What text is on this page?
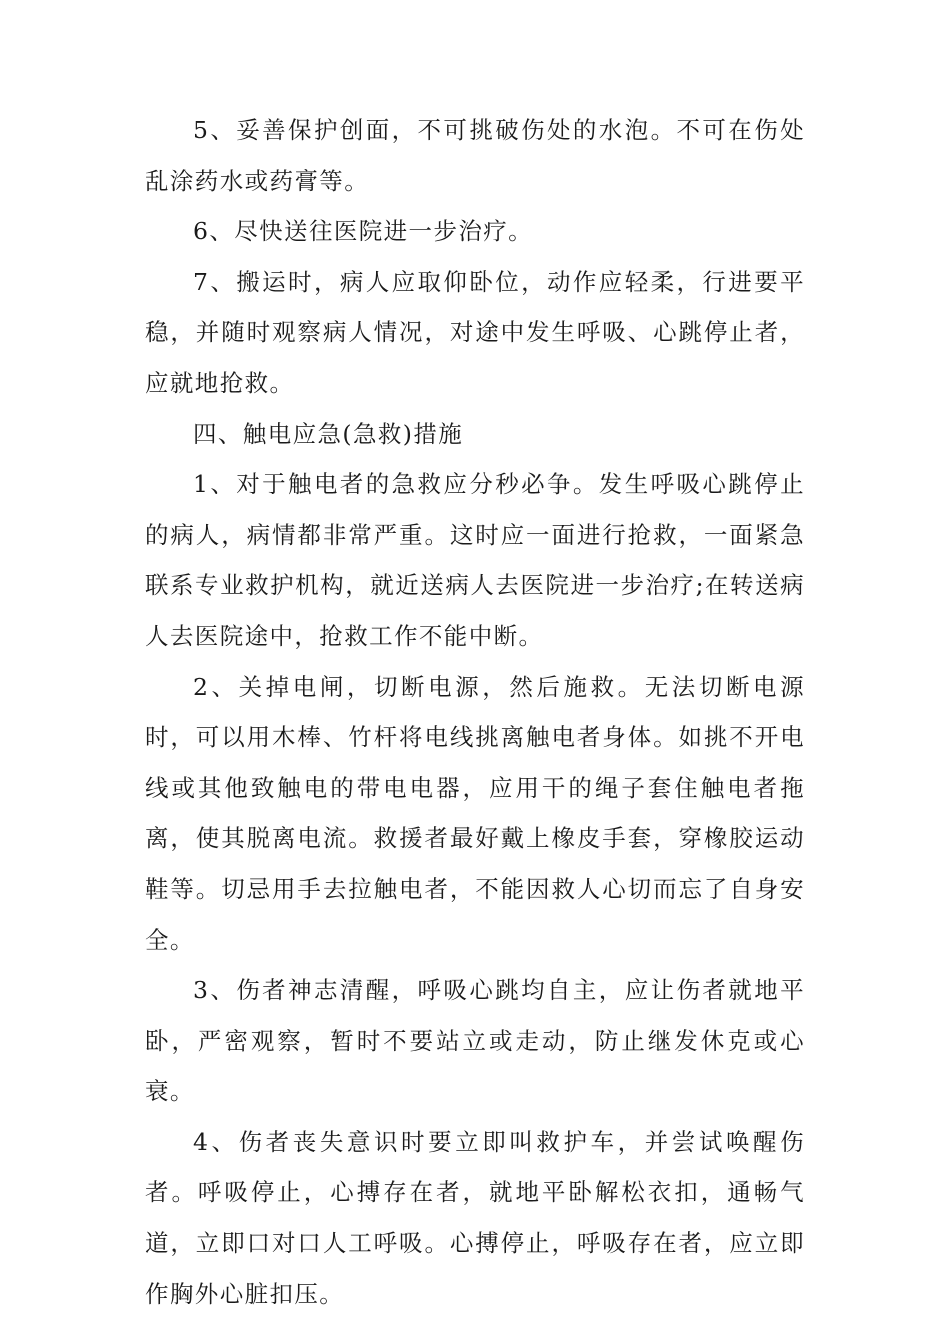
5、妥善保护创面，不可挑破伤处的水泡。不可在伤处乱涂药水或药膏等。

6、尽快送往医院进一步治疗。

7、搬运时，病人应取仰卧位，动作应轻柔，行进要平稳，并随时观察病人情况，对途中发生呼吸、心跳停止者，应就地抢救。

四、触电应急(急救)措施

1、对于触电者的急救应分秒必争。发生呼吸心跳停止的病人，病情都非常严重。这时应一面进行抢救，一面紧急联系专业救护机构，就近送病人去医院进一步治疗;在转送病人去医院途中，抢救工作不能中断。

2、关掉电闸，切断电源，然后施救。无法切断电源时，可以用木棒、竹杆将电线挑离触电者身体。如挑不开电线或其他致触电的带电电器，应用干的绳子套住触电者拖离，使其脱离电流。救援者最好戴上橡皮手套，穿橡胶运动鞋等。切忌用手去拉触电者，不能因救人心切而忘了自身安全。

3、伤者神志清醒，呼吸心跳均自主，应让伤者就地平卧，严密观察，暂时不要站立或走动，防止继发休克或心衰。

4、伤者丧失意识时要立即叫救护车，并尝试唤醒伤者。呼吸停止，心搏存在者，就地平卧解松衣扣，通畅气道，立即口对口人工呼吸。心搏停止，呼吸存在者，应立即作胸外心脏扣压。
